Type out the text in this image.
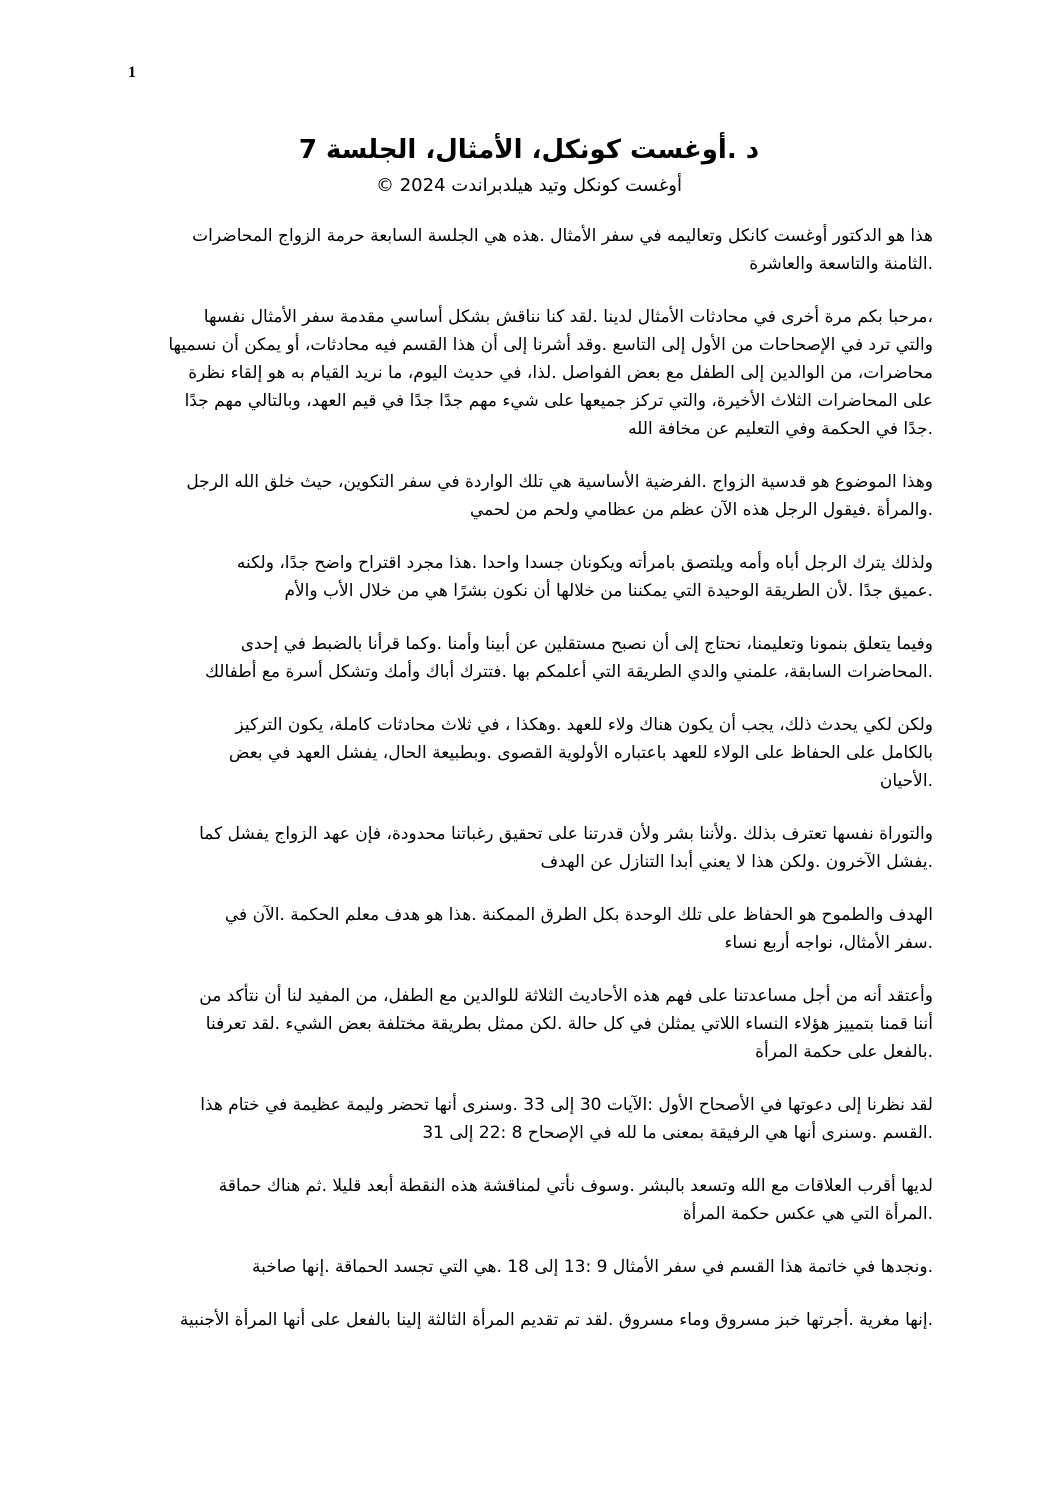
1
د .أوغست كونكل، الأمثال، الجلسة 7
أوغست كونكل وتيد هيلدبراندت 2024 ©

هذا هو الدكتور أوغست كانكل وتعاليمه في سفر الأمثال .هذه هي الجلسة السابعة حرمة الزواج المحاضرات
.الثامنة والتاسعة والعاشرة

،مرحبا بكم مرة أخرى في محادثات الأمثال لدينا .لقد كنا نناقش بشكل أساسي مقدمة سفر الأمثال نفسها
والتي ترد في الإصحاحات من الأول إلى التاسع .وقد أشرنا إلى أن هذا القسم فيه محادثات، أو يمكن أن نسميها
محاضرات، من الوالدين إلى الطفل مع بعض الفواصل .لذا، في حديث اليوم، ما نريد القيام به هو إلقاء نظرة
على المحاضرات الثلاث الأخيرة، والتي تركز جميعها على شيء مهم جدًا جدًا في قيم العهد، وبالتالي مهم جدًا
.جدًا في الحكمة وفي التعليم عن مخافة الله

وهذا الموضوع هو قدسية الزواج .الفرضية الأساسية هي تلك الواردة في سفر التكوين، حيث خلق الله الرجل
.والمرأة .فيقول الرجل هذه الآن عظم من عظامي ولحم من لحمي

ولذلك يترك الرجل أباه وأمه ويلتصق بامرأته ويكونان جسدا واحدا .هذا مجرد اقتراح واضح جدًا، ولكنه
.عميق جدًا .لأن الطريقة الوحيدة التي يمكننا من خلالها أن نكون بشرًا هي من خلال الأب والأم

وفيما يتعلق بنمونا وتعليمنا، نحتاج إلى أن نصبح مستقلين عن أبينا وأمنا .وكما قرأنا بالضبط في إحدى
.المحاضرات السابقة، علمني والدي الطريقة التي أعلمكم بها .فتترك أباك وأمك وتشكل أسرة مع أطفالك

ولكن لكي يحدث ذلك، يجب أن يكون هناك ولاء للعهد .وهكذا ، في ثلاث محادثات كاملة، يكون التركيز
بالكامل على الحفاظ على الولاء للعهد باعتباره الأولوية القصوى .وبطبيعة الحال، يفشل العهد في بعض
.الأحيان

والتوراة نفسها تعترف بذلك .ولأننا بشر ولأن قدرتنا على تحقيق رغباتنا محدودة، فإن عهد الزواج يفشل كما
.يفشل الآخرون .ولكن هذا لا يعني أبدا التنازل عن الهدف

الهدف والطموح هو الحفاظ على تلك الوحدة بكل الطرق الممكنة .هذا هو هدف معلم الحكمة .الآن في
.سفر الأمثال، نواجه أربع نساء

وأعتقد أنه من أجل مساعدتنا على فهم هذه الأحاديث الثلاثة للوالدين مع الطفل، من المفيد لنا أن نتأكد من
أننا قمنا بتمييز هؤلاء النساء اللاتي يمثلن في كل حالة .لكن ممثل بطريقة مختلفة بعض الشيء .لقد تعرفنا
.بالفعل على حكمة المرأة

لقد نظرنا إلى دعوتها في الأصحاح الأول :الآيات 30 إلى 33 .وسنرى أنها تحضر وليمة عظيمة في ختام هذا
.القسم .وسنرى أنها هي الرفيقة بمعنى ما لله في الإصحاح 8 :22 إلى 31

لديها أقرب العلاقات مع الله وتسعد بالبشر .وسوف نأتي لمناقشة هذه النقطة أبعد قليلا .ثم هناك حماقة
.المرأة التي هي عكس حكمة المرأة

.ونجدها في خاتمة هذا القسم في سفر الأمثال 9 :13 إلى 18 .هي التي تجسد الحماقة .إنها صاخبة

.إنها مغرية .أجرتها خبز مسروق وماء مسروق .لقد تم تقديم المرأة الثالثة إلينا بالفعل على أنها المرأة الأجنبية
